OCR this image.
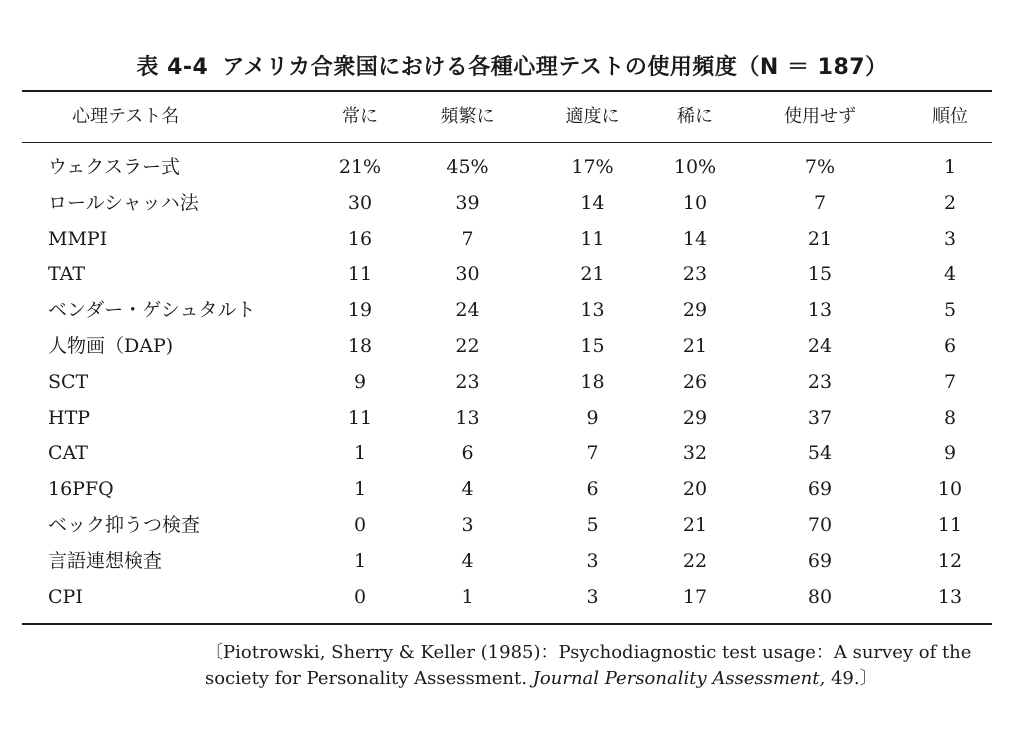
表 4-4 アメリカ合衆国における各種心理テストの使用頻度（N ＝ 187）
心理テスト名	常に	頻繁に	適度に	稀に	使用せず	順位
ウェクスラー式	21%	45%	17%	10%	7%	1
ロールシャッハ法	30	39	14	10	7	2
MMPI	16	7	11	14	21	3
TAT	11	30	21	23	15	4
ベンダー・ゲシュタルト	19	24	13	29	13	5
人物画（DAP)	18	22	15	21	24	6
SCT	9	23	18	26	23	7
HTP	11	13	9	29	37	8
CAT	1	6	7	32	54	9
16PFQ	1	4	6	20	69	10
ベック抑うつ検査	0	3	5	21	70	11
言語連想検査	1	4	3	22	69	12
CPI	0	1	3	17	80	13
〔Piotrowski, Sherry & Keller (1985)：Psychodiagnostic test usage：A survey of the society for Personality Assessment. Journal Personality Assessment, 49.〕
